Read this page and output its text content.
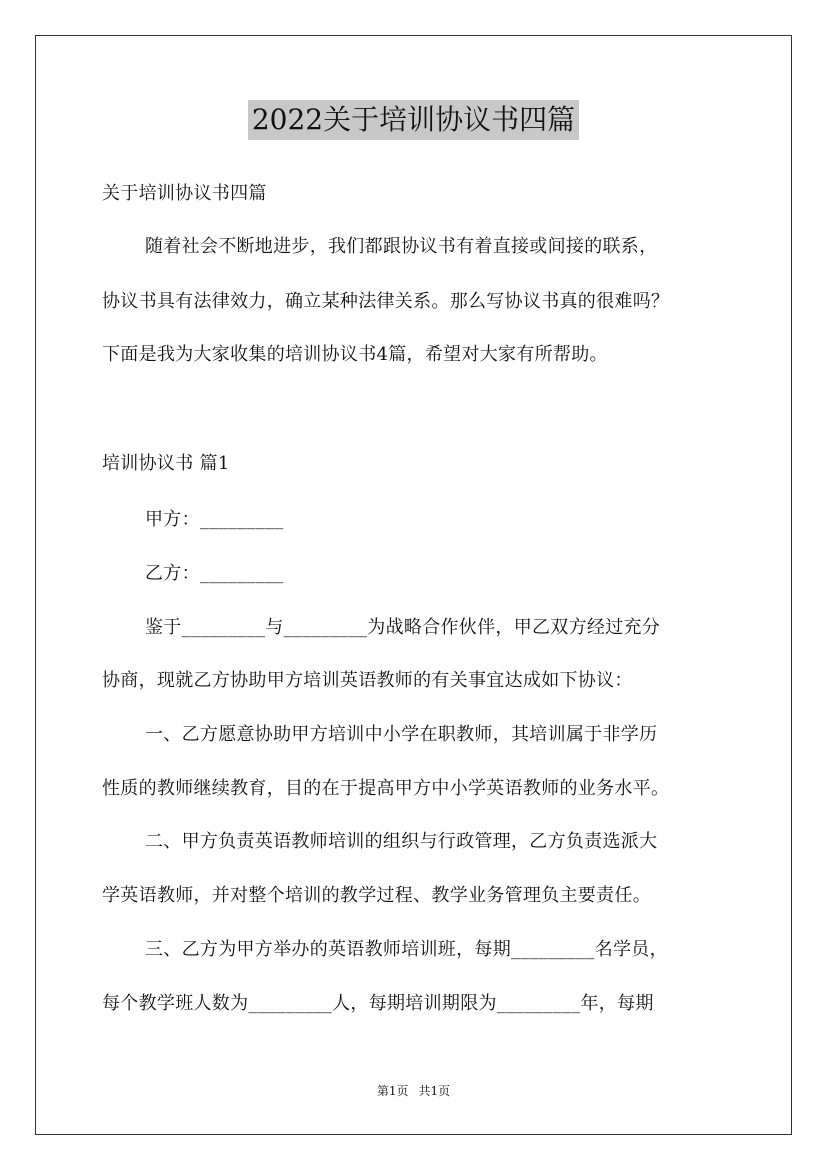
2022关于培训协议书四篇
关于培训协议书四篇
随着社会不断地进步，我们都跟协议书有着直接或间接的联系，
协议书具有法律效力，确立某种法律关系。那么写协议书真的很难吗？
下面是我为大家收集的培训协议书4篇，希望对大家有所帮助。
培训协议书 篇1
甲方：_________
乙方：_________
鉴于_________与_________为战略合作伙伴，甲乙双方经过充分
协商，现就乙方协助甲方培训英语教师的有关事宜达成如下协议：
一、乙方愿意协助甲方培训中小学在职教师，其培训属于非学历
性质的教师继续教育，目的在于提高甲方中小学英语教师的业务水平。
二、甲方负责英语教师培训的组织与行政管理，乙方负责选派大
学英语教师，并对整个培训的教学过程、教学业务管理负主要责任。
三、乙方为甲方举办的英语教师培训班，每期_________名学员，
每个教学班人数为_________人，每期培训期限为_________年，每期
第1页 共1页
